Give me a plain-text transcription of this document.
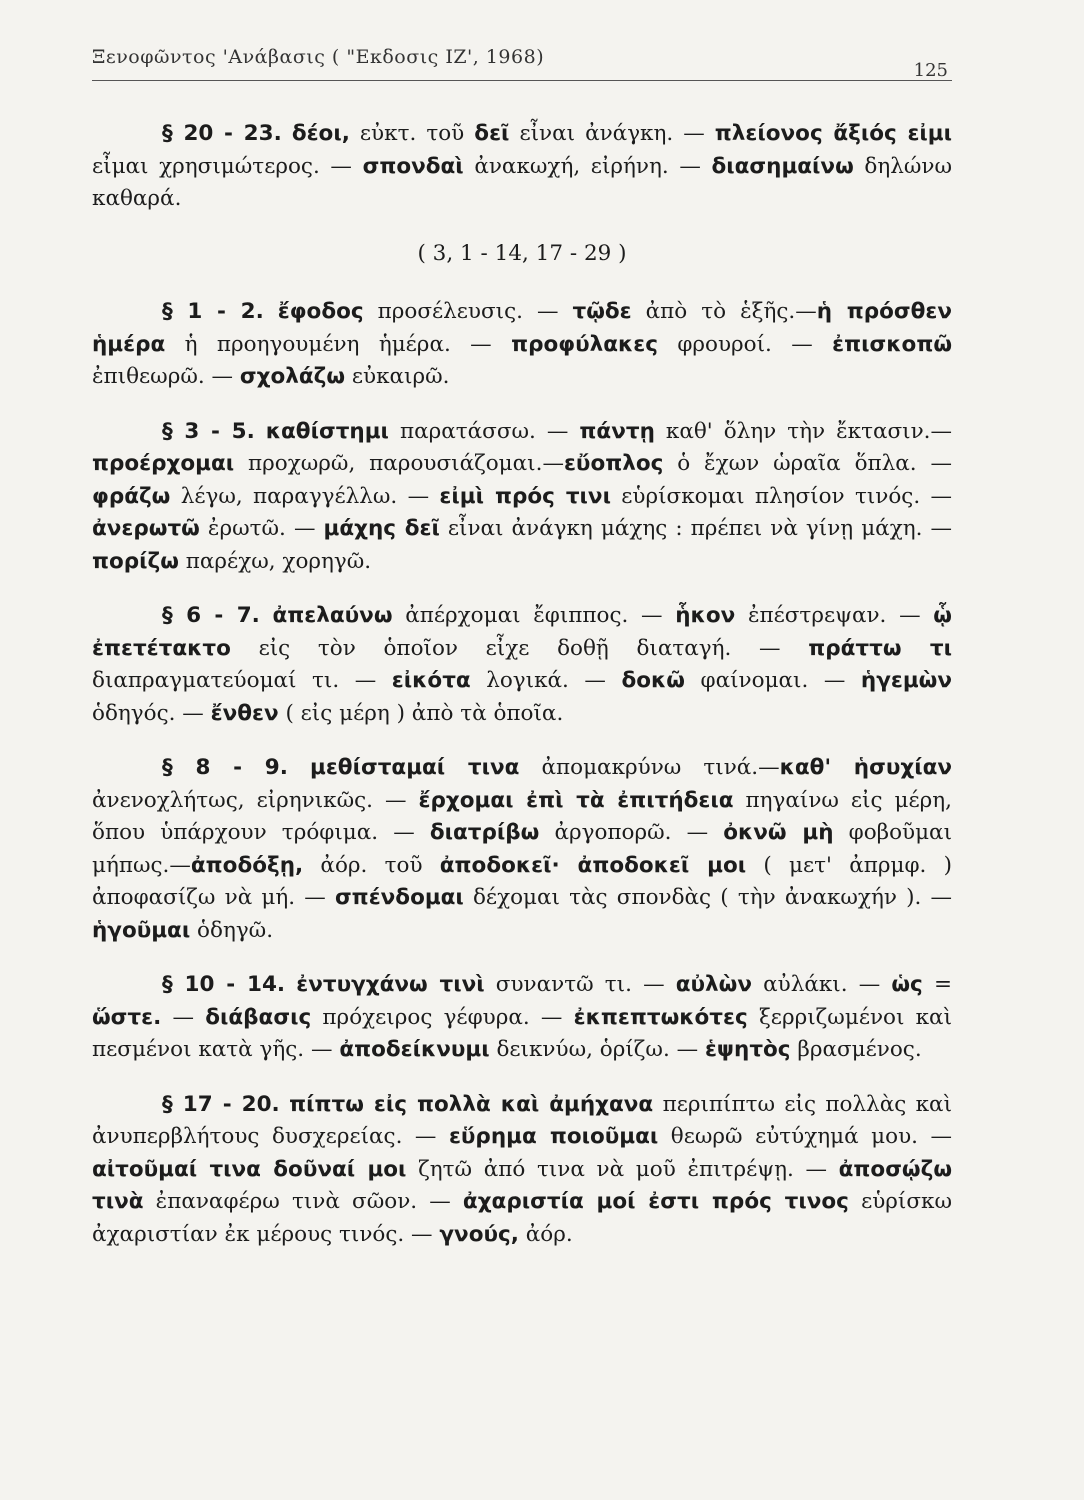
Ξενοφῶντος 'Ανάβασις ( "Εκδοσις ΙΖ', 1968)
125

§ 20 - 23. δέοι, εὐκτ. τοῦ δεῖ εἶναι ἀνάγκη. — πλείονος ἄξιός εἰμι εἶμαι χρησιμώτερος. — σπονδαὶ ἀνακωχή, εἰρήνη. — διασημαίνω δηλώνω καθαρά.

( 3, 1 - 14, 17 - 29 )

§ 1 - 2. ἔφοδος προσέλευσις. — τῷδε ἀπὸ τὸ ἑξῆς.—ἡ πρόσθεν ἡμέρα ἡ προηγουμένη ἡμέρα. — προφύλακες φρουροί. — ἐπισκοπῶ ἐπιθεωρῶ. — σχολάζω εὐκαιρῶ.

§ 3 - 5. καθίστημι παρατάσσω. — πάντῃ καθ' ὅλην τὴν ἔκτασιν.— προέρχομαι προχωρῶ, παρουσιάζομαι.—εὔοπλος ὁ ἔχων ὡραῖα ὅπλα. — φράζω λέγω, παραγγέλλω. — εἰμὶ πρός τινι εὑρίσκομαι πλησίον τινός. — ἀνερωτῶ ἐρωτῶ. — μάχης δεῖ εἶναι ἀνάγκη μάχης : πρέπει νὰ γίνῃ μάχη. — πορίζω παρέχω, χορηγῶ.

§ 6 - 7. ἀπελαύνω ἀπέρχομαι ἔφιππος. — ἧκον ἐπέστρεψαν. — ᾧ ἐπετέτακτο εἰς τὸν ὁποῖον εἶχε δοθῇ διαταγή. — πράττω τι διαπραγματεύομαί τι. — εἰκότα λογικά. — δοκῶ φαίνομαι. — ἡγεμὼν ὁδηγός. — ἔνθεν ( εἰς μέρη ) ἀπὸ τὰ ὁποῖα.

§ 8 - 9. μεθίσταμαί τινα ἀπομακρύνω τινά.—καθ' ἡσυχίαν ἀνενοχλήτως, εἰρηνικῶς. — ἔρχομαι ἐπὶ τὰ ἐπιτήδεια πηγαίνω εἰς μέρη, ὅπου ὑπάρχουν τρόφιμα. — διατρίβω ἀργοπορῶ. — ὀκνῶ μὴ φοβοῦμαι μήπως.—ἀποδόξῃ, ἀόρ. τοῦ ἀποδοκεῖ· ἀποδοκεῖ μοι ( μετ' ἀπρμφ. ) ἀποφασίζω νὰ μή. — σπένδομαι δέχομαι τὰς σπονδὰς ( τὴν ἀνακωχήν ). — ἡγοῦμαι ὁδηγῶ.

§ 10 - 14. ἐντυγχάνω τινὶ συναντῶ τι. — αὐλὼν αὐλάκι. — ὡς = ὥστε. — διάβασις πρόχειρος γέφυρα. — ἐκπεπτωκότες ξερριζωμένοι καὶ πεσμένοι κατὰ γῆς. — ἀποδείκνυμι δεικνύω, ὁρίζω. — ἑψητὸς βρασμένος.

§ 17 - 20. πίπτω εἰς πολλὰ καὶ ἀμήχανα περιπίπτω εἰς πολλὰς καὶ ἀνυπερβλήτους δυσχερείας. — εὕρημα ποιοῦμαι θεωρῶ εὐτύχημά μου. — αἰτοῦμαί τινα δοῦναί μοι ζητῶ ἀπό τινα νὰ μοῦ ἐπιτρέψῃ. — ἀποσῴζω τινὰ ἐπαναφέρω τινὰ σῶον. — ἀχαριστία μοί ἐστι πρός τινος εὑρίσκω ἀχαριστίαν ἐκ μέρους τινός. — γνούς, ἀόρ.
